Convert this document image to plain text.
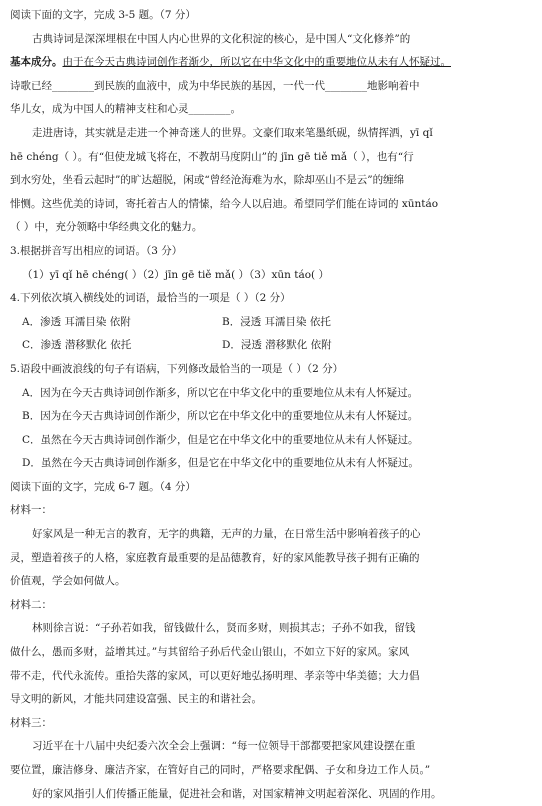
阅读下面的文字，完成 3-5 题。（7 分）
古典诗词是深深埋根在中国人内心世界的文化积淀的核心，是中国人“文化修养”的
基本成分。由于在今天古典诗词创作者渐少，所以它在中华文化中的重要地位从未有人怀疑过。
诗歌已经________到民族的血液中，成为中华民族的基因，一代一代________地影响着中
华儿女，成为中国人的精神支柱和心灵________。
走进唐诗，其实就是走进一个神奇迷人的世界。文豪们取来笔墨纸砚，纵情挥洒，yī qǐ
hē chéng（ ）。有“但使龙城飞将在，不教胡马度阴山”的 jīn gē tiě mǎ（ ），也有“行
到水穷处，坐看云起时”的旷达超脱，闲或“曾经沧海难为水，除却巫山不是云”的缠绵
悱恻。这些优美的诗词，寄托着古人的情愫，给今人以启迪。希望同学们能在诗词的 xūntáo
（ ）中，充分领略中华经典文化的魅力。
3.根据拼音写出相应的词语。（3 分）
（1）yī qǐ hē chéng( ）（2）jīn gē tiě mǎ( ）（3）xūn táo( ）
4.下列依次填入横线处的词语，最恰当的一项是（ ）（2 分）
A．渗透 耳濡目染 依附	B．浸透 耳濡目染 依托
C．渗透 潜移默化 依托	D．浸透 潜移默化 依附
5.语段中画波浪线的句子有语病，下列修改最恰当的一项是（ ）（2 分）
A．因为在今天古典诗词创作渐多，所以它在中华文化中的重要地位从未有人怀疑过。
B．因为在今天古典诗词创作渐少，所以它在中华文化中的重要地位从未有人怀疑过。
C．虽然在今天古典诗词创作渐少，但是它在中华文化中的重要地位从未有人怀疑过。
D．虽然在今天古典诗词创作渐多，但是它在中华文化中的重要地位从未有人怀疑过。
阅读下面的文字，完成 6-7 题。（4 分）
材料一：
好家风是一种无言的教育，无字的典籍，无声的力量，在日常生活中影响着孩子的心
灵，塑造着孩子的人格，家庭教育最重要的是品德教育，好的家风能教导孩子拥有正确的
价值观，学会如何做人。
材料二：
林则徐言说：“子孙若如我，留钱做什么，贤而多财，则损其志；子孙不如我，留钱
做什么，愚而多财，益增其过。”与其留给子孙后代金山银山，不如立下好的家风。家风
带不走，代代永流传。重拾失落的家风，可以更好地弘扬明理、孝亲等中华美德；大力倡
导文明的新风，才能共同建设富强、民主的和谐社会。
材料三：
习近平在十八届中央纪委六次全会上强调：“每一位领导干部都要把家风建设摆在重
要位置，廉洁修身、廉洁齐家，在管好自己的同时，严格要求配偶、子女和身边工作人员。”
好的家风指引人们传播正能量，促进社会和谐，对国家精神文明起着深化、巩固的作用。
